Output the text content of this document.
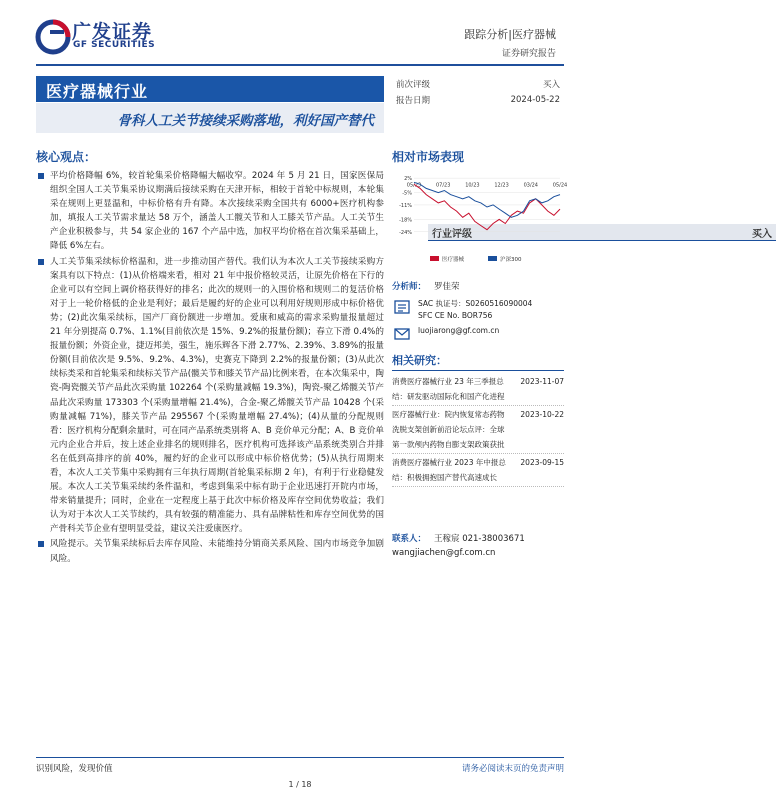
广发证券
GF SECURITIES
跟踪分析|医疗器械
证券研究报告
医疗器械行业
骨科人工关节接续采购落地，利好国产替代
行业评级	买入
前次评级	买入
报告日期	2024-05-22
相对市场表现
2%
-5%
-11%
-18%
-24%
05/23	07/23	10/23	12/23	03/24	05/24
医疗器械	沪深300
分析师： 罗佳荣
SAC 执证号：S0260516090004
SFC CE No. BOR756
luojiarong@gf.com.cn
相关研究：
消费医疗器械行业 23 年三季报总结：研发驱动国际化和国产化进程
2023-11-07
医疗器械行业：院内恢复常态药物洗脱支架创新前沿论坛点评：全球第一款颅内药物自膨支架政策获批
2023-10-22
消费医疗器械行业 2023 年中报总结：积极拥抱国产替代高速成长
2023-09-15
联系人： 王稼宸 021-38003671
wangjiachen@gf.com.cn
核心观点：
平均价格降幅 6%，较首轮集采价格降幅大幅收窄。2024 年 5 月 21 日，国家医保局组织全国人工关节集采协议期满后接续采购在天津开标，相较于首轮中标规则，本轮集采在规则上更显温和，中标价格有升有降。本次接续采购全国共有 6000+医疗机构参加，填报人工关节需求量达 58 万个，涵盖人工髋关节和人工膝关节产品。人工关节生产企业积极参与，共 54 家企业的 167 个产品中选，加权平均价格在首次集采基础上，降低 6%左右。
人工关节集采续标价格温和，进一步推动国产替代。我们认为本次人工关节接续采购方案具有以下特点：(1)从价格端来看，相对 21 年中报价格较灵活，让原先价格在下行的企业可以有空间上调价格获得好的排名；此次的规则一的入围价格和规则二的复活价格对于上一轮价格低的企业是利好；最后是履约好的企业可以利用好规则形成中标价格优势；(2)此次集采续标，国产厂商份额进一步增加。爱康和威高的需求采购量报量超过 21 年分别提高 0.7%、1.1%(目前依次是 15%、9.2%的报量份额)；春立下滑 0.4%的报量份额；外资企业，捷迈邦美，强生，施乐辉各下滑 2.77%、2.39%、3.89%的报量份额(目前依次是 9.5%、9.2%、4.3%)，史赛克下降到 2.2%的报量份额；(3)从此次续标类采和首轮集采和续标关节产品(髋关节和膝关节产品)比例来看，在本次集采中，陶瓷-陶瓷髋关节产品此次采购量 102264 个(采购量减幅 19.3%)，陶瓷-聚乙烯髋关节产品此次采购量 173303 个(采购量增幅 21.4%)，合金-聚乙烯髋关节产品 10428 个(采购量减幅 71%)，膝关节产品 295567 个(采购量增幅 27.4%)；(4)从量的分配规则看：医疗机构分配剩余量时，可在同产品系统类别将 A、B 竞价单元分配；A、B 竞价单元内企业合并后，按上述企业排名的规则排名，医疗机构可选择该产品系统类别合并排名在低到高排序的前 40%，履约好的企业可以形成中标价格优势；(5)从执行周期来看，本次人工关节集中采购拥有三年执行周期(首轮集采标期 2 年)，有利于行业稳健发展。本次人工关节集采续约条件温和，考虑到集采中标有助于企业迅速打开院内市场，带来销量提升；同时，企业在一定程度上基于此次中标价格及库存空间优势收益；我们认为对于本次人工关节续约，具有较强的精准能力、具有品牌粘性和库存空间优势的国产骨科关节企业有望明显受益，建议关注爱康医疗。
风险提示。关节集采续标后去库存风险、未能维持分销商关系风险、国内市场竞争加剧风险。
识别风险，发现价值	请务必阅读末页的免责声明
1 / 18
